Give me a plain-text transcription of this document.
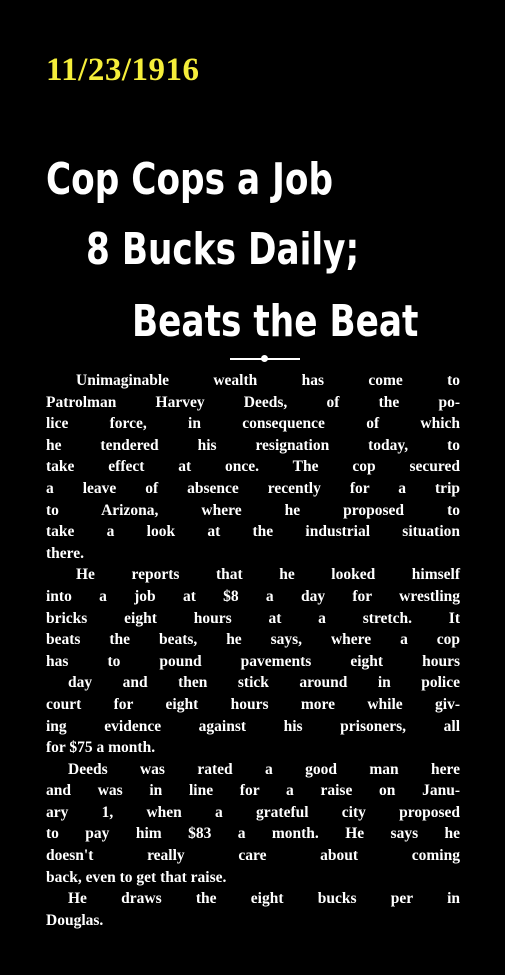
11/23/1916
Cop Cops a Job
8 Bucks Daily;
Beats the Beat
Unimaginable wealth has come to
Patrolman Harvey Deeds, of the po-
lice force, in consequence of which
he tendered his resignation today, to
take effect at once. The cop secured
a leave of absence recently for a trip
to Arizona, where he proposed to
take a look at the industrial situation
there.
He reports that he looked himself
into a job at $8 a day for wrestling
bricks eight hours at a stretch. It
beats the beats, he says, where a cop
has to pound pavements eight hours
day and then stick around in police
court for eight hours more while giv-
ing evidence against his prisoners, all
for $75 a month.
Deeds was rated a good man here
and was in line for a raise on Janu-
ary 1, when a grateful city proposed
to pay him $83 a month. He says he
doesn't really care about coming
back, even to get that raise.
He draws the eight bucks per in
Douglas.
